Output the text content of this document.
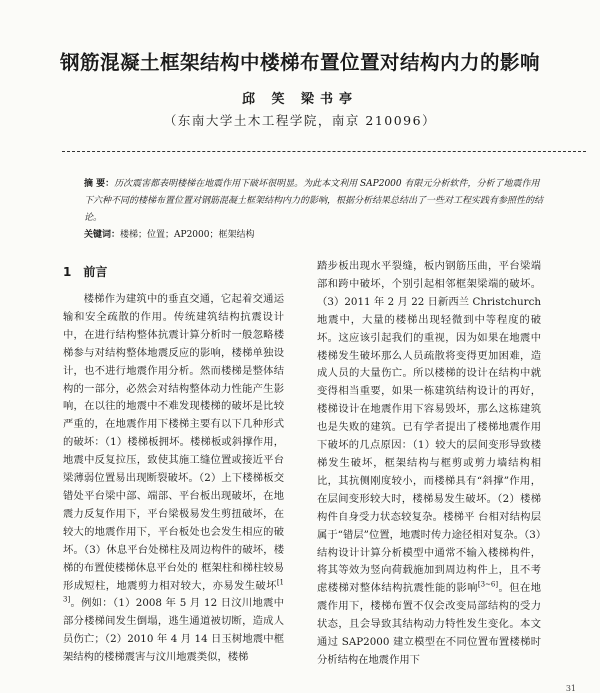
钢筋混凝土框架结构中楼梯布置位置对结构内力的影响
邱 笑 梁书亭
（东南大学土木工程学院，南京 210096）
摘 要：历次震害都表明楼梯在地震作用下破坏很明显。为此本文利用 SAP2000 有限元分析软件，分析了地震作用下六种不同的楼梯布置位置对钢筋混凝土框架结构内力的影响，根据分析结果总结出了一些对工程实践有参照性的结论。
关键词：楼梯；位置；AP2000；框架结构
1 前言

楼梯作为建筑中的垂直交通，它起着交通运输和安全疏散的作用。传统建筑结构抗震设计中，在进行结构整体抗震计算分析时一般忽略楼梯参与对结构整体地震反应的影响，楼梯单独设计，也不进行地震作用分析。然而楼梯是整体结构的一部分，必然会对结构整体动力性能产生影响，在以往的地震中不难发现楼梯的破坏是比较严重的，在地震作用下楼梯主要有以下几种形式的破坏：（1）楼梯板拥坏。楼梯板或斜撑作用，地震中反复拉压，致使其施工缝位置或接近平台梁薄弱位置易出现断裂破坏。（2）上下楼梯板交错处平台梁中部、端部、平台板出现破坏，在地震力反复作用下，平台梁极易发生剪扭破坏，在较大的地震作用下，平台板处也会发生相应的破坏。（3）休息平台处梯柱及周边构件的破坏，楼梯的布置使楼梯休息平台处的 框架柱和梯柱较易形成短柱，地震剪力相对较大，亦易发生破坏[1 3]。例如：（1）2008 年 5 月 12 日汶川地震中部分楼梯间发生倒塌，逃生通道被切断，造成人员伤亡；（2）2010 年 4 月 14 日玉树地震中框架结构的楼梯震害与汶川地震类似，楼梯

踏步板出现水平裂缝，板内钢筋压曲，平台梁端部和跨中破坏，个别引起相邻框架梁端的破坏。（3）2011 年 2 月 22 日新西兰 Christchurch 地震中，大量的楼梯出现轻微到中等程度的破坏。这应该引起我们的重视，因为如果在地震中楼梯发生破坏那么人员疏散将变得更加困难，造成人员的大量伤亡。所以楼梯的设计在结构中就变得相当重要，如果一栋建筑结构设计的再好，楼梯设计在地震作用下容易毁坏，那么这栋建筑也是失败的建筑。已有学者提出了楼梯地震作用下破坏的几点原因：（1）较大的层间变形导致楼梯发生破坏，框架结构与框剪或剪力墙结构相比，其抗侧刚度较小，而楼梯具有“斜撑”作用，在层间变形较大时，楼梯易发生破坏。（2）楼梯构件自身受力状态较复杂。楼梯平 台相对结构层属于“错层”位置，地震时传力途径相对复杂。（3）结构设计计算分析模型中通常不输入楼梯构件，将其等效为竖向荷载施加到周边构件上，且不考虑楼梯对整体结构抗震性能的影响[3~6]。但在地震作用下，楼梯布置不仅会改变局部结构的受力状态，且会导致其结构动力特性发生变化。本文通过 SAP2000 建立模型在不同位置布置楼梯时分析结构在地震作用下

31
